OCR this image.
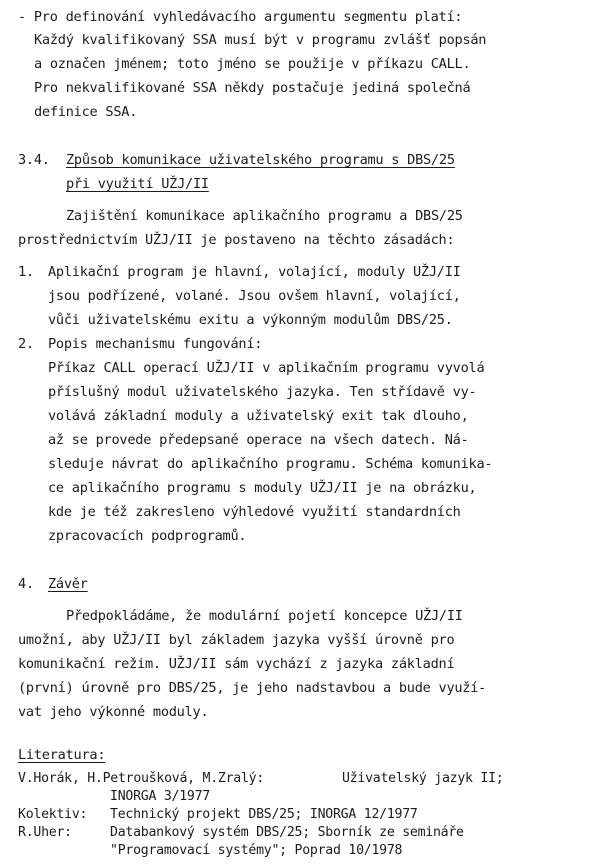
- Pro definování vyhledávacího argumentu segmentu platí:
Každý kvalifikovaný SSA musí být v programu zvlášť popsán
a označen jménem; toto jméno se použije v příkazu CALL.
Pro nekvalifikované SSA někdy postačuje jediná společná
definice SSA.
3.4. Způsob komunikace uživatelského programu s DBS/25
při využití UŽJ/II
Zajištění komunikace aplikačního programu a DBS/25
prostřednictvím UŽJ/II je postaveno na těchto zásadách:
1. Aplikační program je hlavní, volající, moduly UŽJ/II
jsou podřízené, volané. Jsou ovšem hlavní, volající,
vůči uživatelskému exitu a výkonným modulům DBS/25.
2. Popis mechanismu fungování:
Příkaz CALL operací UŽJ/II v aplikačním programu vyvolá
příslušný modul uživatelského jazyka. Ten střídavě vy-
volává základní moduly a uživatelský exit tak dlouho,
až se provede předepsané operace na všech datech. Ná-
sleduje návrat do aplikačního programu. Schéma komunika-
ce aplikačního programu s moduly UŽJ/II je na obrázku,
kde je též zakresleno výhledové využití standardních
zpracovacích podprogramů.
4. Závěr
Předpokládáme, že modulární pojetí koncepce UŽJ/II
umožní, aby UŽJ/II byl základem jazyka vyšší úrovně pro
komunikační režim. UŽJ/II sám vychází z jazyka základní
(první) úrovně pro DBS/25, je jeho nadstavbou a bude využí-
vat jeho výkonné moduly.
Literatura:
V.Horák, H.Petroušková, M.Zralý:	Uživatelský jazyk II;
INORGA 3/1977
Kolektiv: Technický projekt DBS/25; INORGA 12/1977
R.Uher:	Databankový systém DBS/25; Sborník ze semináře
"Programovací systémy"; Poprad 10/1978
